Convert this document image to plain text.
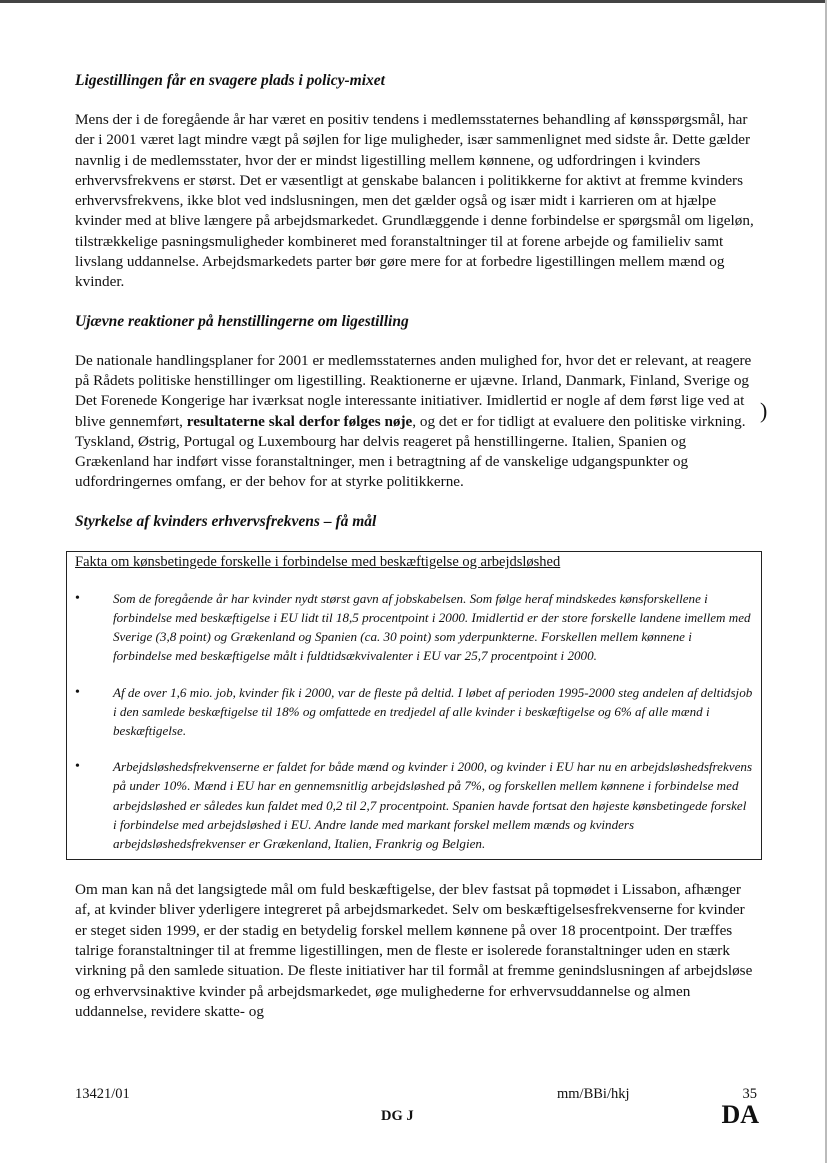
)
Ligestillingen får en svagere plads i policy-mixet

Mens der i de foregående år har været en positiv tendens i medlemsstaternes behandling af kønsspørgsmål, har der i 2001 været lagt mindre vægt på søjlen for lige muligheder, især sammenlignet med sidste år. Dette gælder navnlig i de medlemsstater, hvor der er mindst ligestilling mellem kønnene, og udfordringen i kvinders erhvervsfrekvens er størst. Det er væsentligt at genskabe balancen i politikkerne for aktivt at fremme kvinders erhvervsfrekvens, ikke blot ved indslusningen, men det gælder også og især midt i karrieren om at hjælpe kvinder med at blive længere på arbejdsmarkedet. Grundlæggende i denne forbindelse er spørgsmål om ligeløn, tilstrækkelige pasningsmuligheder kombineret med foranstaltninger til at forene arbejde og familieliv samt livslang uddannelse. Arbejdsmarkedets parter bør gøre mere for at forbedre ligestillingen mellem mænd og kvinder.

Ujævne reaktioner på henstillingerne om ligestilling

De nationale handlingsplaner for 2001 er medlemsstaternes anden mulighed for, hvor det er relevant, at reagere på Rådets politiske henstillinger om ligestilling. Reaktionerne er ujævne. Irland, Danmark, Finland, Sverige og Det Forenede Kongerige har iværksat nogle interessante initiativer. Imidlertid er nogle af dem først lige ved at blive gennemført, resultaterne skal derfor følges nøje, og det er for tidligt at evaluere den politiske virkning. Tyskland, Østrig, Portugal og Luxembourg har delvis reageret på henstillingerne. Italien, Spanien og Grækenland har indført visse foranstaltninger, men i betragtning af de vanskelige udgangspunkter og udfordringernes omfang, er der behov for at styrke politikkerne.

Styrkelse af kvinders erhvervsfrekvens – få mål
Fakta om kønsbetingede forskelle i forbindelse med beskæftigelse og arbejdsløshed
•	Som de foregående år har kvinder nydt størst gavn af jobskabelsen. Som følge heraf mindskedes kønsforskellene i forbindelse med beskæftigelse i EU lidt til 18,5 procentpoint i 2000. Imidlertid er der store forskelle landene imellem med Sverige (3,8 point) og Grækenland og Spanien (ca. 30 point) som yderpunkterne. Forskellen mellem kønnene i forbindelse med beskæftigelse målt i fuldtidsækvivalenter i EU var 25,7 procentpoint i 2000.
•	Af de over 1,6 mio. job, kvinder fik i 2000, var de fleste på deltid. I løbet af perioden 1995-2000 steg andelen af deltidsjob i den samlede beskæftigelse til 18% og omfattede en tredjedel af alle kvinder i beskæftigelse og 6% af alle mænd i beskæftigelse.
•	Arbejdsløshedsfrekvenserne er faldet for både mænd og kvinder i 2000, og kvinder i EU har nu en arbejdsløshedsfrekvens på under 10%. Mænd i EU har en gennemsnitlig arbejdsløshed på 7%, og forskellen mellem kønnene i forbindelse med arbejdsløshed er således kun faldet med 0,2 til 2,7 procentpoint. Spanien havde fortsat den højeste kønsbetingede forskel i forbindelse med arbejdsløshed i EU. Andre lande med markant forskel mellem mænds og kvinders arbejdsløshedsfrekvenser er Grækenland, Italien, Frankrig og Belgien.

Om man kan nå det langsigtede mål om fuld beskæftigelse, der blev fastsat på topmødet i Lissabon, afhænger af, at kvinder bliver yderligere integreret på arbejdsmarkedet. Selv om beskæftigelsesfrekvenserne for kvinder er steget siden 1999, er der stadig en betydelig forskel mellem kønnene på over 18 procentpoint. Der træffes talrige foranstaltninger til at fremme ligestillingen, men de fleste er isolerede foranstaltninger uden en stærk virkning på den samlede situation. De fleste initiativer har til formål at fremme genindslusningen af arbejdsløse og erhvervsinaktive kvinder på arbejdsmarkedet, øge mulighederne for erhvervsuddannelse og almen uddannelse, revidere skatte- og

13421/01	mm/BBi/hkj	35
DG J	DA
